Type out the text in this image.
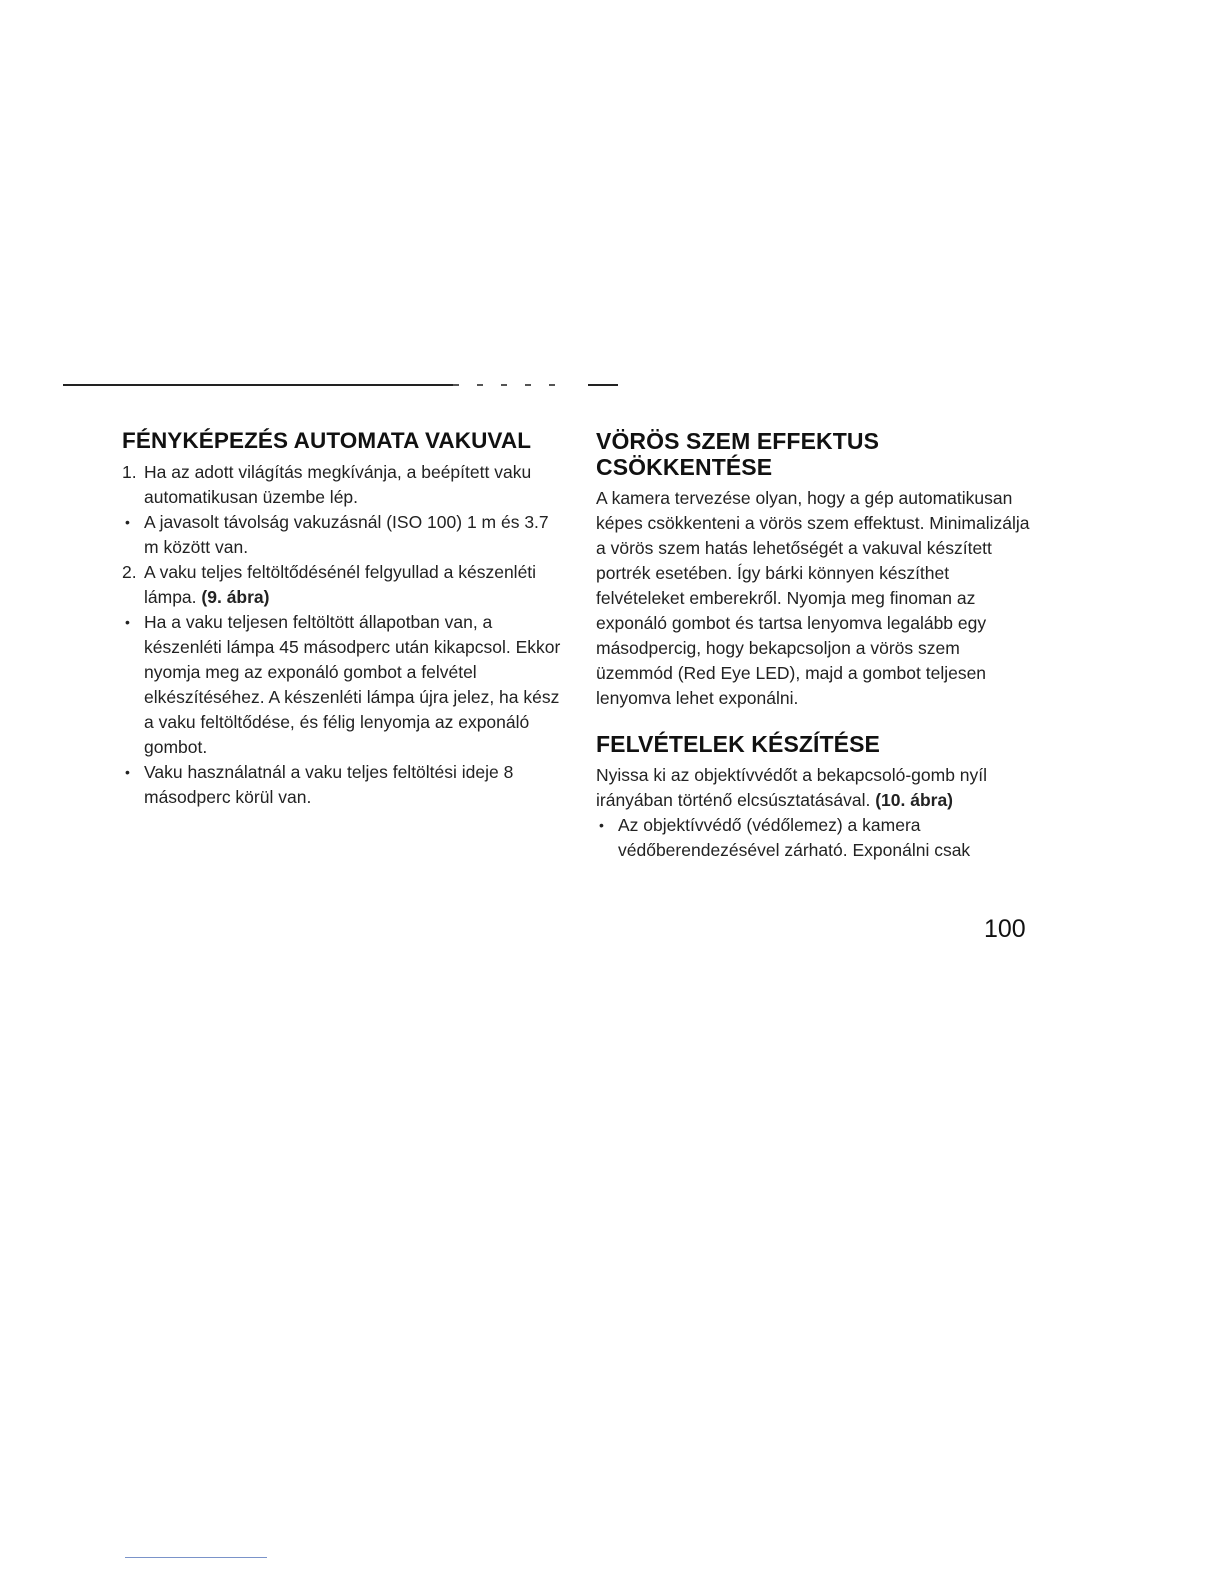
FÉNYKÉPEZÉS AUTOMATA VAKUVAL
1. Ha az adott világítás megkívánja, a beépített vaku automatikusan üzembe lép.
• A javasolt távolság vakuzásnál (ISO 100) 1 m és 3.7 m között van.
2. A vaku teljes feltöltődésénél felgyullad a készenléti lámpa. (9. ábra)
• Ha a vaku teljesen feltöltött állapotban van, a készenléti lámpa 45 másodperc után kikapcsol. Ekkor nyomja meg az exponáló gombot a felvétel elkészítéséhez. A készenléti lámpa újra jelez, ha kész a vaku feltöltődése, és félig lenyomja az exponáló gombot.
• Vaku használatnál a vaku teljes feltöltési ideje 8 másodperc körül van.
VÖRÖS SZEM EFFEKTUS
CSÖKKENTÉSE

A kamera tervezése olyan, hogy a gép automatikusan képes csökkenteni a vörös szem effektust. Minimalizálja a vörös szem hatás lehetőségét a vakuval készített portrék esetében. Így bárki könnyen készíthet felvételeket emberekről. Nyomja meg finoman az exponáló gombot és tartsa lenyomva legalább egy másodpercig, hogy bekapcsoljon a vörös szem üzemmód (Red Eye LED), majd a gombot teljesen lenyomva lehet exponálni.

FELVÉTELEK KÉSZÍTÉSE

Nyissa ki az objektívvédőt a bekapcsoló-gomb nyíl irányában történő elcsúsztatásával. (10. ábra)

• Az objektívvédő (védőlemez) a kamera védőberendezésével zárható. Exponálni csak
100
